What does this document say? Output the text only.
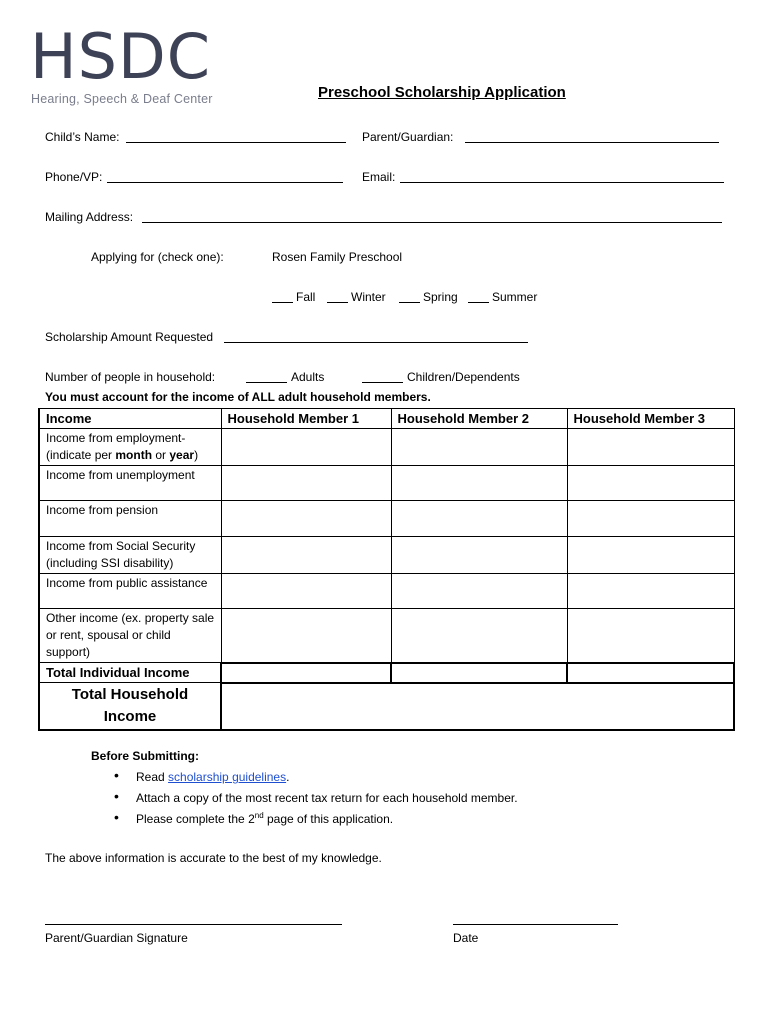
HSDC
Hearing, Speech & Deaf Center	Preschool Scholarship Application
Child’s Name:	Parent/Guardian:
Phone/VP:	Email:
Mailing Address:
Applying for (check one):	Rosen Family Preschool
Fall	Winter	Spring	Summer
Scholarship Amount Requested
Number of people in household:	Adults	Children/Dependents
You must account for the income of ALL adult household members.
Income	Household Member 1	Household Member 2	Household Member 3
Income from employment-
(indicate per month or year)			
Income from unemployment			
Income from pension			
Income from Social Security (including SSI disability)			
Income from public assistance			
Other income (ex. property sale or rent, spousal or child support)			
Total Individual Income			
Total Household Income			
Before Submitting:
• Read scholarship guidelines.
• Attach a copy of the most recent tax return for each household member.
• Please complete the 2nd page of this application.
The above information is accurate to the best of my knowledge.
Parent/Guardian Signature	Date
